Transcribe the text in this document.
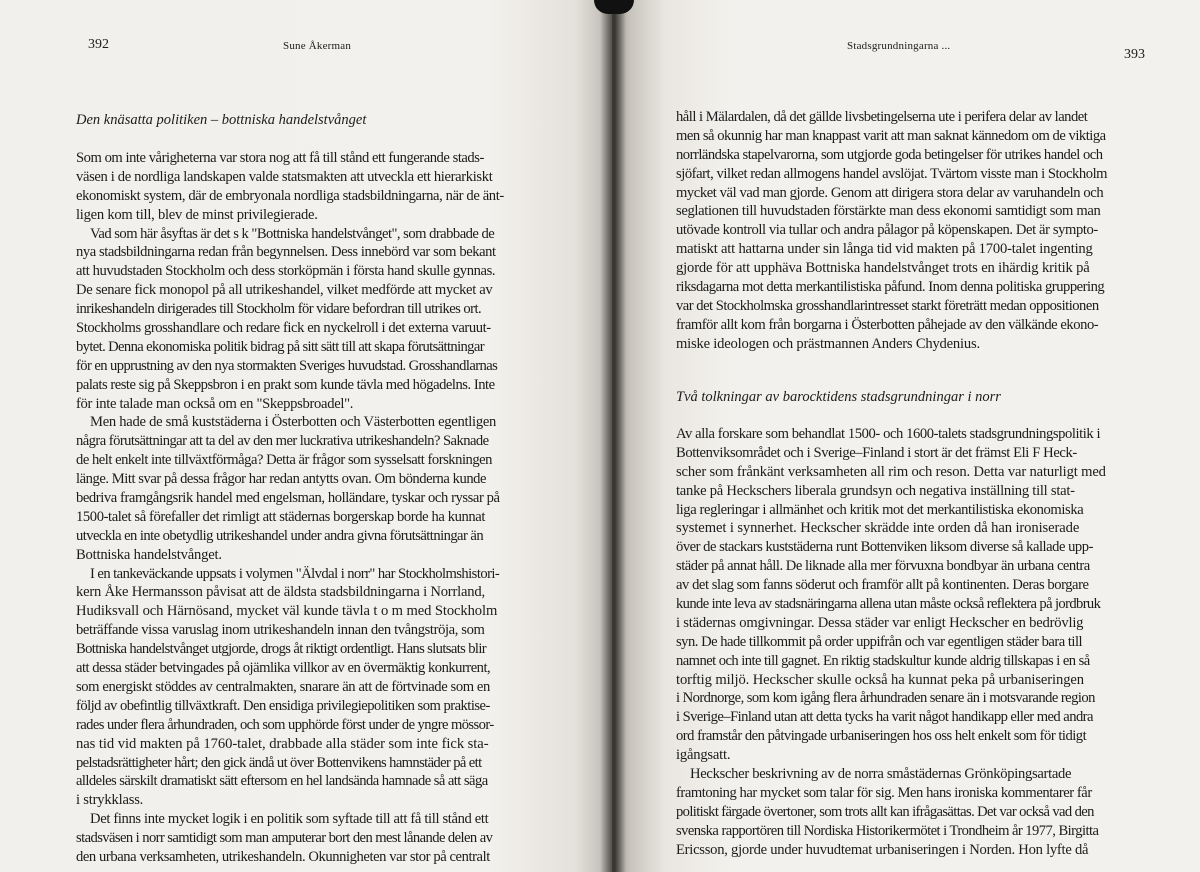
392	Sune Åkerman
Den knäsatta politiken – bottniska handelstvånget
Som om inte vårigheterna var stora nog att få till stånd ett fungerande stads-
väsen i de nordliga landskapen valde statsmakten att utveckla ett hierarkiskt
ekonomiskt system, där de embryonala nordliga stadsbildningarna, när de änt-
ligen kom till, blev de minst privilegierade.
Vad som här åsyftas är det s k "Bottniska handelstvånget", som drabbade de
nya stadsbildningarna redan från begynnelsen. Dess innebörd var som bekant
att huvudstaden Stockholm och dess storköpmän i första hand skulle gynnas.
De senare fick monopol på all utrikeshandel, vilket medförde att mycket av
inrikeshandeln dirigerades till Stockholm för vidare befordran till utrikes ort.
Stockholms grosshandlare och redare fick en nyckelroll i det externa varuut-
bytet. Denna ekonomiska politik bidrag på sitt sätt till att skapa förutsättningar
för en upprustning av den nya stormakten Sveriges huvudstad. Grosshandlarnas
palats reste sig på Skeppsbron i en prakt som kunde tävla med högadelns. Inte
för inte talade man också om en "Skeppsbroadel".
Men hade de små kuststäderna i Österbotten och Västerbotten egentligen
några förutsättningar att ta del av den mer luckrativa utrikeshandeln? Saknade
de helt enkelt inte tillväxtförmåga? Detta är frågor som sysselsatt forskningen
länge. Mitt svar på dessa frågor har redan antytts ovan. Om bönderna kunde
bedriva framgångsrik handel med engelsman, holländare, tyskar och ryssar på
1500-talet så förefaller det rimligt att städernas borgerskap borde ha kunnat
utveckla en inte obetydlig utrikeshandel under andra givna förutsättningar än
Bottniska handelstvånget.
I en tankeväckande uppsats i volymen "Älvdal i norr" har Stockholmshistori-
kern Åke Hermansson påvisat att de äldsta stadsbildningarna i Norrland,
Hudiksvall och Härnösand, mycket väl kunde tävla t o m med Stockholm
beträffande vissa varuslag inom utrikeshandeln innan den tvångströja, som
Bottniska handelstvånget utgjorde, drogs åt riktigt ordentligt. Hans slutsats blir
att dessa städer betvingades på ojämlika villkor av en övermäktig konkurrent,
som energiskt stöddes av centralmakten, snarare än att de förtvinade som en
följd av obefintlig tillväxtkraft. Den ensidiga privilegiepolitiken som praktise-
rades under flera århundraden, och som upphörde först under de yngre mössor-
nas tid vid makten på 1760-talet, drabbade alla städer som inte fick sta-
pelstadsrättigheter hårt; den gick ändå ut över Bottenvikens hamnstäder på ett
alldeles särskilt dramatiskt sätt eftersom en hel landsända hamnade så att säga
i strykklass.
Det finns inte mycket logik i en politik som syftade till att få till stånd ett
stadsväsen i norr samtidigt som man amputerar bort den mest lånande delen av
den urbana verksamheten, utrikeshandeln. Okunnigheten var stor på centralt
Stadsgrundningarna ...
393
håll i Mälardalen, då det gällde livsbetingelserna ute i perifera delar av landet
men så okunnig har man knappast varit att man saknat kännedom om de viktiga
norrländska stapelvarorna, som utgjorde goda betingelser för utrikes handel och
sjöfart, vilket redan allmogens handel avslöjat. Tvärtom visste man i Stockholm
mycket väl vad man gjorde. Genom att dirigera stora delar av varuhandeln och
seglationen till huvudstaden förstärkte man dess ekonomi samtidigt som man
utövade kontroll via tullar och andra pålagor på köpenskapen. Det är sympto-
matiskt att hattarna under sin långa tid vid makten på 1700-talet ingenting
gjorde för att upphäva Bottniska handelstvånget trots en ihärdig kritik på
riksdagarna mot detta merkantilistiska påfund. Inom denna politiska gruppering
var det Stockholmska grosshandlarintresset starkt företrätt medan oppositionen
framför allt kom från borgarna i Österbotten påhejade av den välkände ekono-
miske ideologen och prästmannen Anders Chydenius.
Två tolkningar av barocktidens stadsgrundningar i norr
Av alla forskare som behandlat 1500- och 1600-talets stadsgrundningspolitik i
Bottenviksområdet och i Sverige–Finland i stort är det främst Eli F Heck-
scher som frånkänt verksamheten all rim och reson. Detta var naturligt med
tanke på Heckschers liberala grundsyn och negativa inställning till stat-
liga regleringar i allmänhet och kritik mot det merkantilistiska ekonomiska
systemet i synnerhet. Heckscher skrädde inte orden då han ironiserade
över de stackars kuststäderna runt Bottenviken liksom diverse så kallade upp-
städer på annat håll. De liknade alla mer förvuxna bondbyar än urbana centra
av det slag som fanns söderut och framför allt på kontinenten. Deras borgare
kunde inte leva av stadsnäringarna allena utan måste också reflektera på jordbruk
i städernas omgivningar. Dessa städer var enligt Heckscher en bedrövlig
syn. De hade tillkommit på order uppifrån och var egentligen städer bara till
namnet och inte till gagnet. En riktig stadskultur kunde aldrig tillskapas i en så
torftig miljö. Heckscher skulle också ha kunnat peka på urbaniseringen
i Nordnorge, som kom igång flera århundraden senare än i motsvarande region
i Sverige–Finland utan att detta tycks ha varit något handikapp eller med andra
ord framstår den påtvingade urbaniseringen hos oss helt enkelt som för tidigt
igångsatt.
Heckscher beskrivning av de norra småstädernas Grönköpingsartade
framtoning har mycket som talar för sig. Men hans ironiska kommentarer får
politiskt färgade övertoner, som trots allt kan ifrågasättas. Det var också vad den
svenska rapportören till Nordiska Historikermötet i Trondheim år 1977, Birgitta
Ericsson, gjorde under huvudtemat urbaniseringen i Norden. Hon lyfte då
